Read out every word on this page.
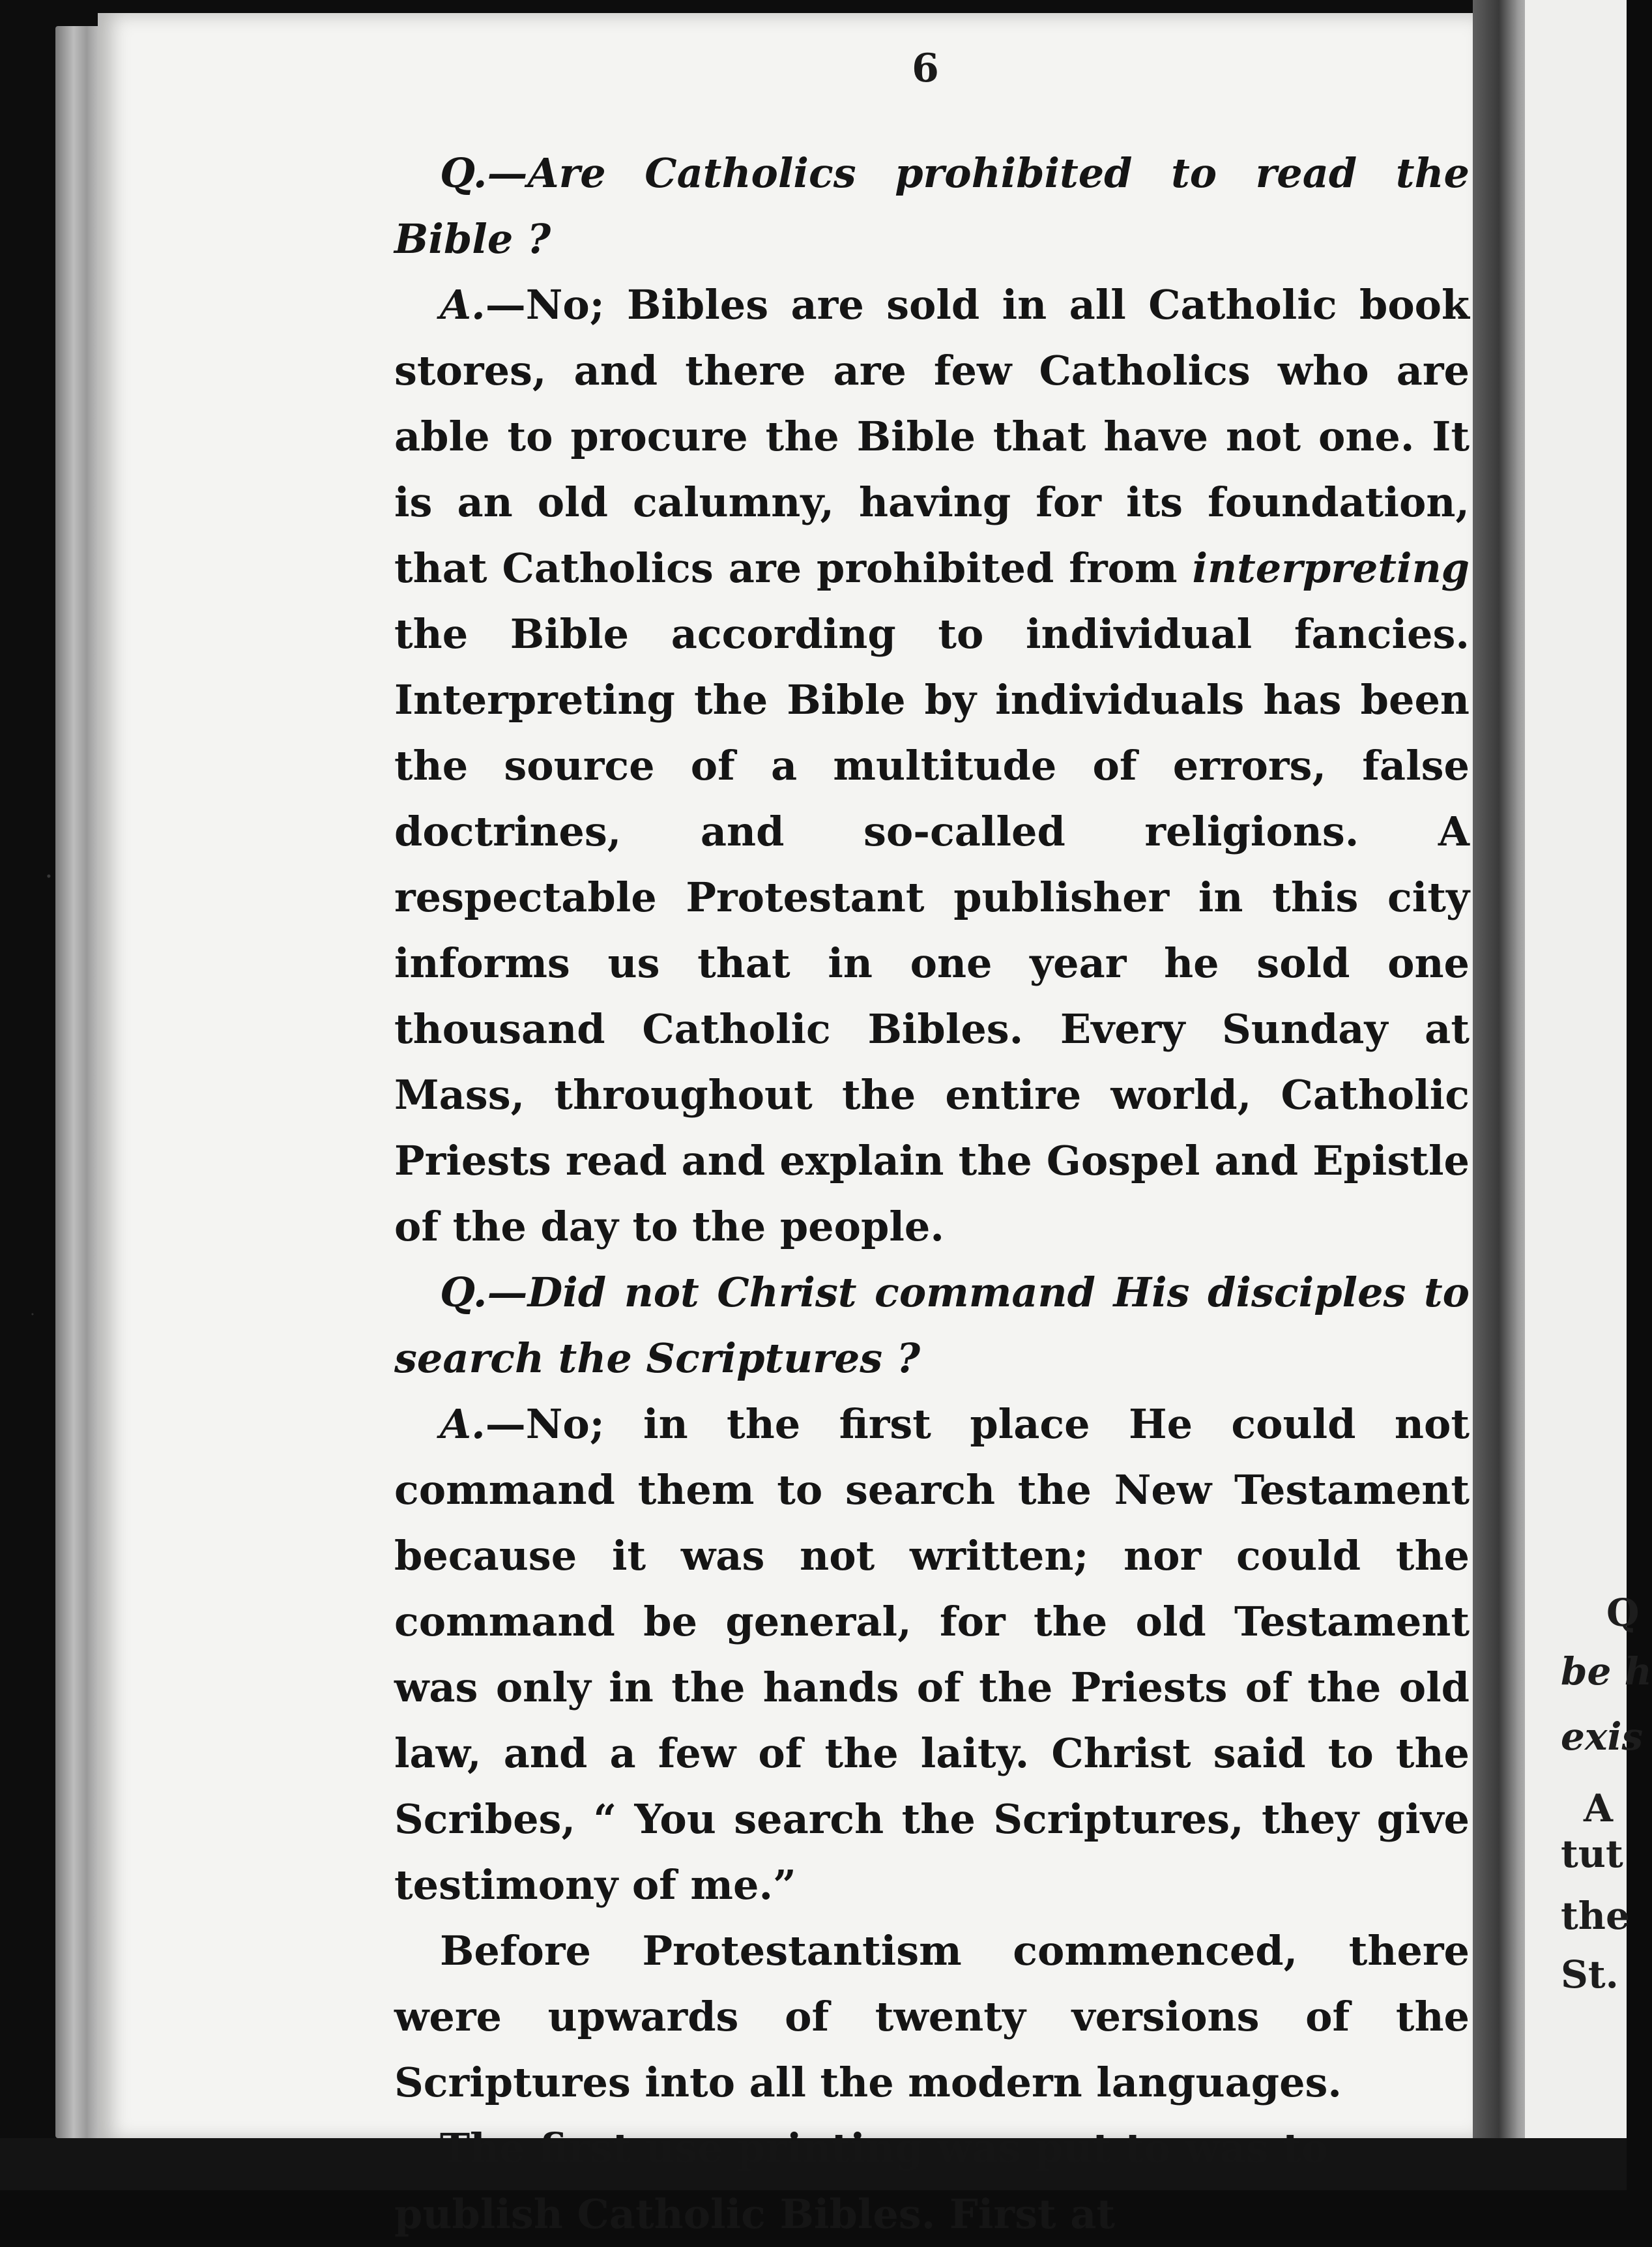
Q
be h
exis
A
tut
the
St.
6

Q.—Are Catholics prohibited to read the Bible ?

A.—No; Bibles are sold in all Catholic book stores, and there are few Catholics who are able to procure the Bible that have not one. It is an old calumny, having for its foundation, that Catholics are prohibited from interpreting the Bible according to individual fancies. Interpreting the Bible by individuals has been the source of a multitude of errors, false doctrines, and so-called religions. A respectable Protestant publisher in this city informs us that in one year he sold one thousand Catholic Bibles. Every Sunday at Mass, throughout the entire world, Catholic Priests read and explain the Gospel and Epistle of the day to the people.

Q.—Did not Christ command His disciples to search the Scriptures ?

A.—No; in the first place He could not command them to search the New Testament because it was not written; nor could the command be general, for the old Testament was only in the hands of the Priests of the old law, and a few of the laity. Christ said to the Scribes, “ You search the Scriptures, they give testimony of me.”

Before Protestantism commenced, there were upwards of twenty versions of the Scriptures into all the modern languages.

The first use printing was put to was to publish Catholic Bibles. First at
